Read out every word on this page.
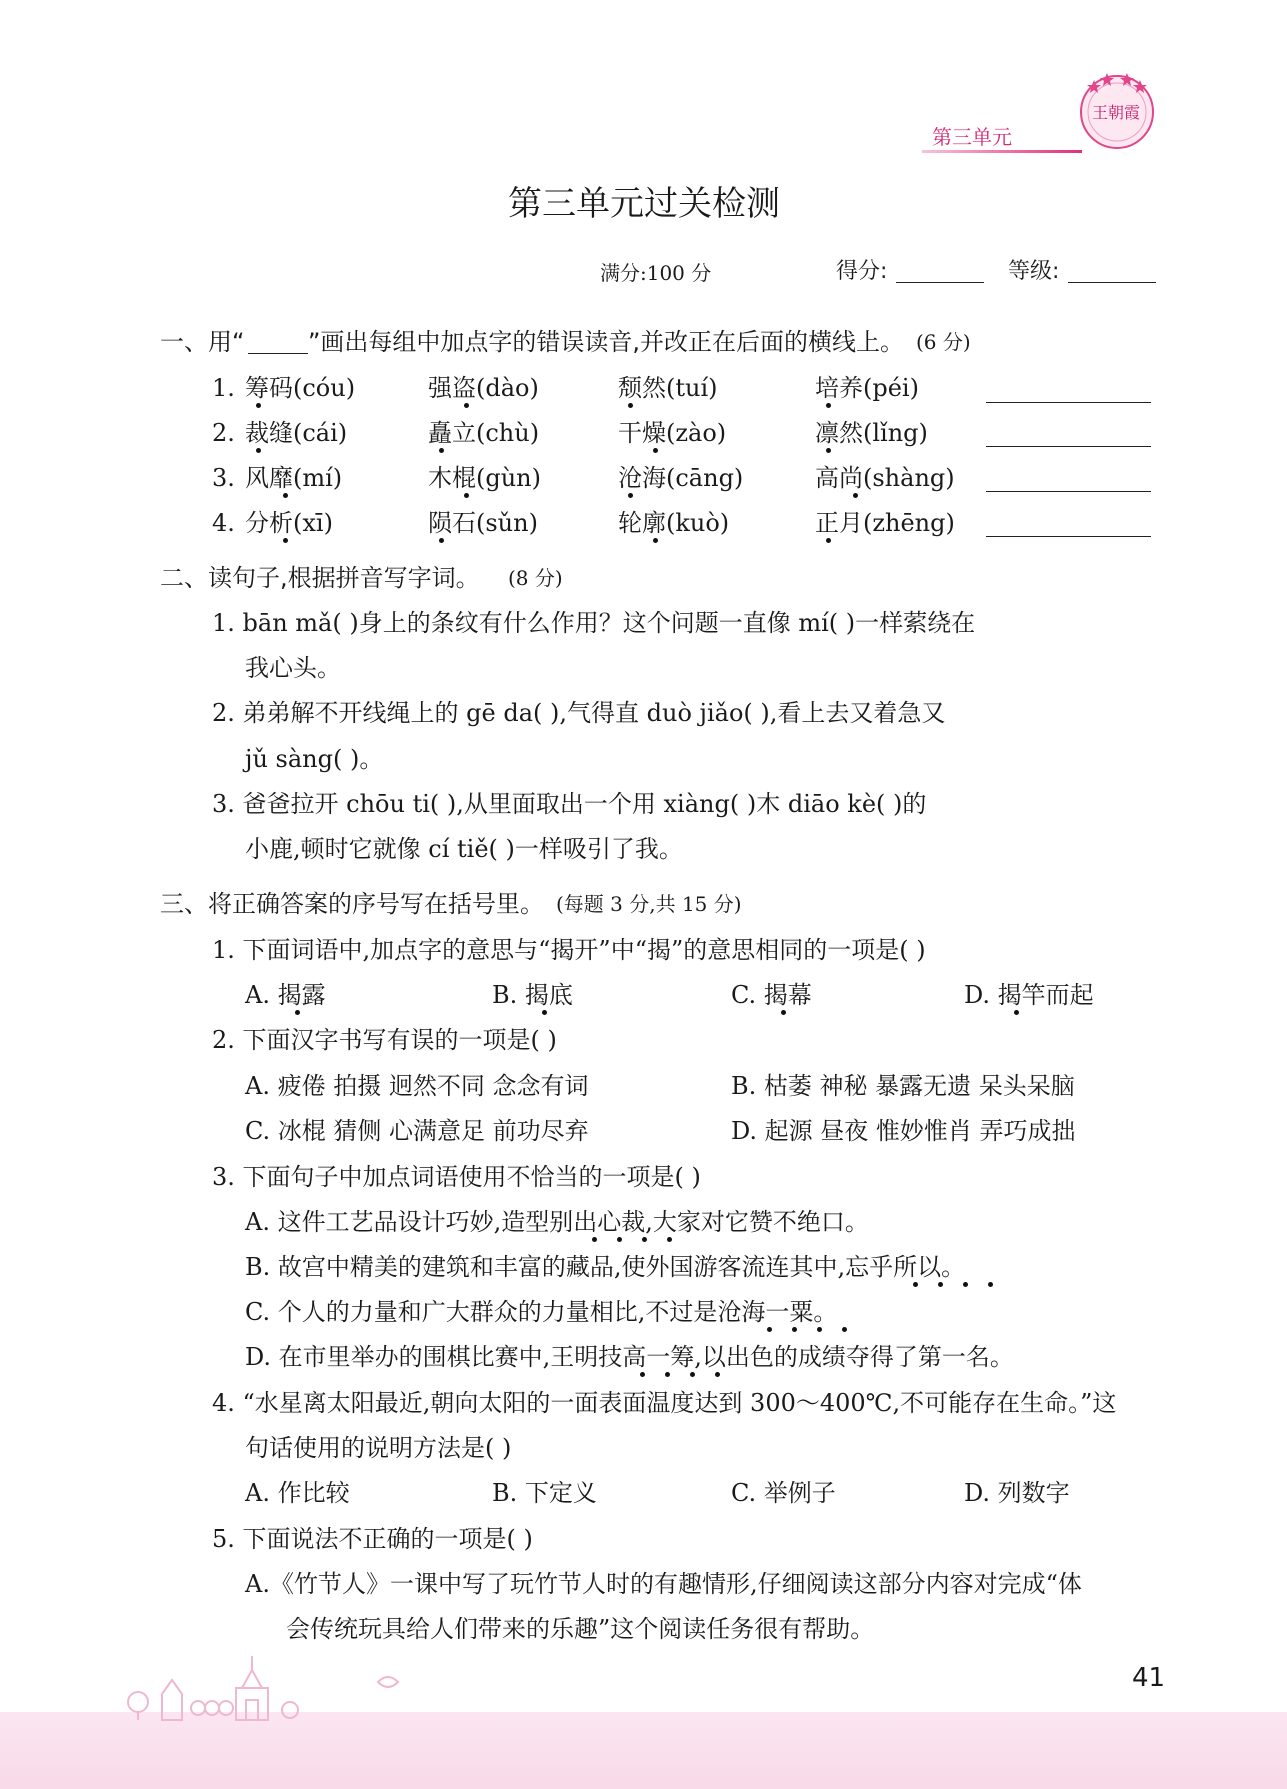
第三单元
王朝霞
第三单元过关检测
满分:100 分	得分:	等级:
一、用“	”画出每组中加点字的错误读音,并改正在后面的横线上。 (6 分)
1. 筹码(cóu)	强盗(dào)	颓然(tuí)	培养(péi)
2. 裁缝(cái)	矗立(chù)	干燥(zào)	凛然(lǐng)
3. 风靡(mí)	木棍(gùn)	沧海(cāng)	高尚(shàng)
4. 分析(xī)	陨石(sǔn)	轮廓(kuò)	正月(zhēng)
二、读句子,根据拼音写字词。 (8 分)
1. bān mǎ( )身上的条纹有什么作用？这个问题一直像 mí( )一样萦绕在
我心头。
2. 弟弟解不开线绳上的 gē da( ),气得直 duò jiǎo( ),看上去又着急又
jǔ sàng( )。
3. 爸爸拉开 chōu ti( ),从里面取出一个用 xiàng( )木 diāo kè( )的
小鹿,顿时它就像 cí tiě( )一样吸引了我。
三、将正确答案的序号写在括号里。 (每题 3 分,共 15 分)
1. 下面词语中,加点字的意思与“揭开”中“揭”的意思相同的一项是( )
A. 揭露	B. 揭底	C. 揭幕	D. 揭竿而起
2. 下面汉字书写有误的一项是( )
A. 疲倦 拍摄 迥然不同 念念有词	B. 枯萎 神秘 暴露无遗 呆头呆脑
C. 冰棍 猜侧 心满意足 前功尽弃	D. 起源 昼夜 惟妙惟肖 弄巧成拙
3. 下面句子中加点词语使用不恰当的一项是( )
A. 这件工艺品设计巧妙,造型别出心裁,大家对它赞不绝口。
B. 故宫中精美的建筑和丰富的藏品,使外国游客流连其中,忘乎所以。
C. 个人的力量和广大群众的力量相比,不过是沧海一粟。
D. 在市里举办的围棋比赛中,王明技高一筹,以出色的成绩夺得了第一名。
4. “水星离太阳最近,朝向太阳的一面表面温度达到 300～400℃,不可能存在生命。”这
句话使用的说明方法是( )
A. 作比较	B. 下定义	C. 举例子	D. 列数字
5. 下面说法不正确的一项是( )
A.《竹节人》一课中写了玩竹节人时的有趣情形,仔细阅读这部分内容对完成“体
会传统玩具给人们带来的乐趣”这个阅读任务很有帮助。
41
